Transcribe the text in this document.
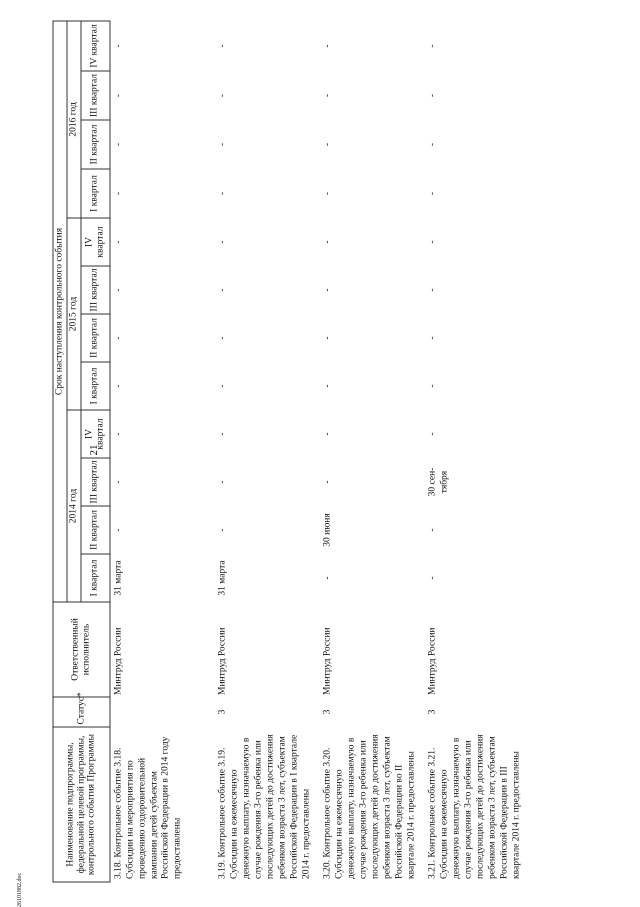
21
26101882.doc
Наименование подпрограммы, федеральной целевой программы, контрольного события Программы	Статус*	Ответственный исполнитель	Срок наступления контрольного события											
			2014 год				2015 год				2016 год			
			I квартал	II квартал	III квартал	IV квартал	I квартал	II квартал	III квартал	IV квартал	I квартал	II квартал	III квартал	IV квартал
3.18. Контрольное событие 3.18. Субсидии на мероприятия по проведению оздоровительной кампании детей субъектам Российской Федерации в 2014 году предоставлены		Минтруд России	31 марта	-	-	-	-	-	-	-	-	-	-	-
3.19. Контрольное событие 3.19. Субсидии на ежемесячную денежную выплату, назначаемую в случае рождения 3-го ребенка или последующих детей до достижения ребенком возраста 3 лет, субъектам Российской Федерации в I квартале 2014 г. предоставлены	3	Минтруд России	31 марта	-	-	-	-	-	-	-	-	-	-	-
3.20. Контрольное событие 3.20. Субсидии на ежемесячную денежную выплату, назначаемую в случае рождения 3-го ребенка или последующих детей до достижения ребенком возраста 3 лет, субъектам Российской Федерации во II квартале 2014 г. предоставлены	3	Минтруд России	-	30 июня	-	-	-	-	-	-	-	-	-	-
3.21. Контрольное событие 3.21. Субсидии на ежемесячную денежную выплату, назначаемую в случае рождения 3-го ребенка или последующих детей до достижения ребенком возраста 3 лет, субъектам Российской Федерации в III квартале 2014 г. предоставлены	3	Минтруд России	-	-	30 сен-тября	-	-	-	-	-	-	-	-	-
